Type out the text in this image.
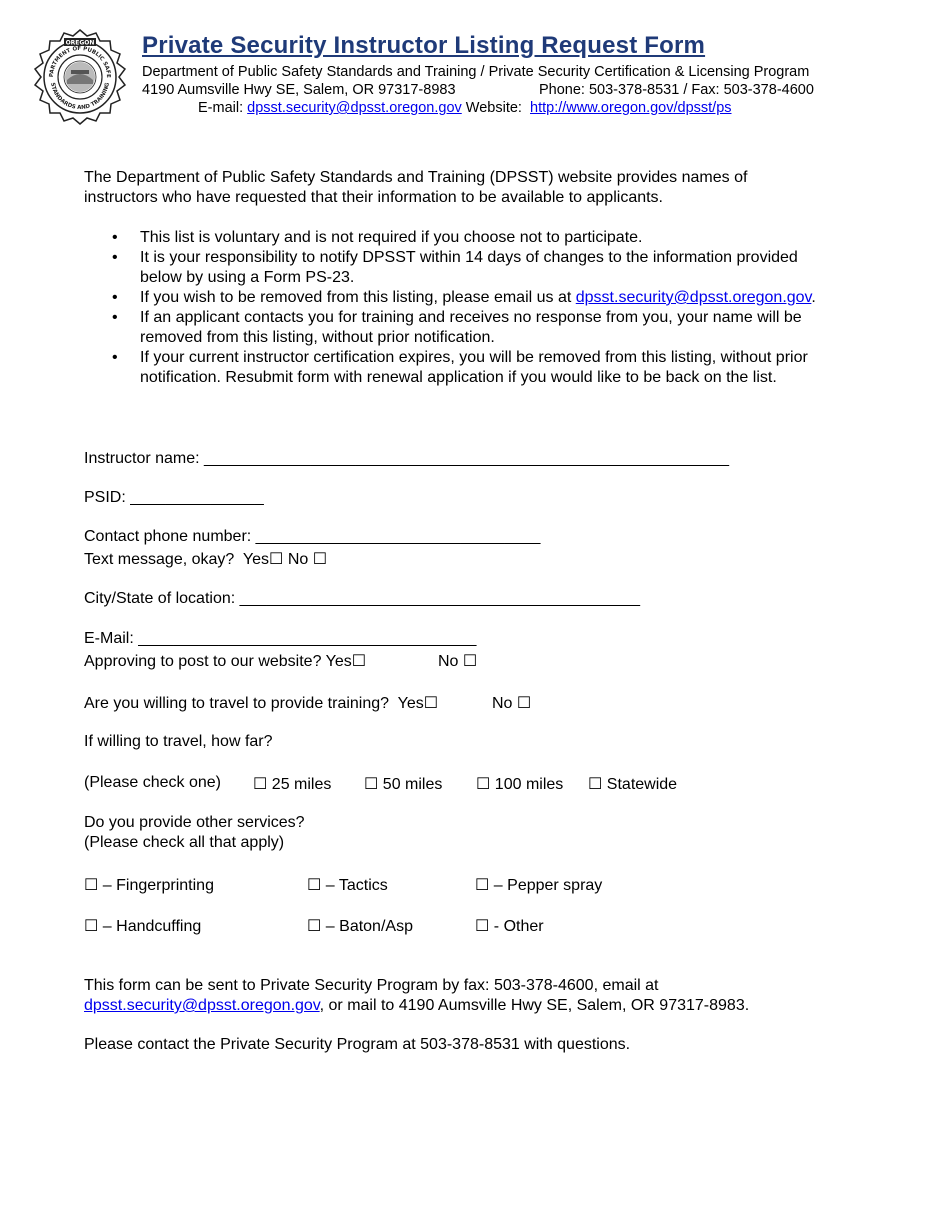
OREGON
PARTMENT OF PUBLIC SAFE
STANDARDS AND TRAINING
Private Security Instructor Listing Request Form
Department of Public Safety Standards and Training / Private Security Certification & Licensing Program
4190 Aumsville Hwy SE, Salem, OR 97317-8983	Phone: 503-378-8531 / Fax: 503-378-4600
E-mail: dpsst.security@dpsst.oregon.gov Website: http://www.oregon.gov/dpsst/ps
The Department of Public Safety Standards and Training (DPSST) website provides names of
instructors who have requested that their information to be available to applicants.
• This list is voluntary and is not required if you choose not to participate.
• It is your responsibility to notify DPSST within 14 days of changes to the information provided
below by using a Form PS-23.
• If you wish to be removed from this listing, please email us at dpsst.security@dpsst.oregon.gov.
• If an applicant contacts you for training and receives no response from you, your name will be
removed from this listing, without prior notification.
• If your current instructor certification expires, you will be removed from this listing, without prior
notification. Resubmit form with renewal application if you would like to be back on the list.
Instructor name: ___________________________________________________________
PSID: _______________
Contact phone number: ________________________________
Text message, okay? Yes☐ No ☐
City/State of location: _____________________________________________
E-Mail: ______________________________________
Approving to post to our website? Yes☐	No ☐
Are you willing to travel to provide training? Yes☐	No ☐
If willing to travel, how far?
(Please check one) ☐ 25 miles ☐ 50 miles ☐ 100 miles ☐ Statewide
Do you provide other services?
(Please check all that apply)
☐ – Fingerprinting	☐ – Tactics	☐ – Pepper spray
☐ – Handcuffing	☐ – Baton/Asp	☐ - Other
This form can be sent to Private Security Program by fax: 503-378-4600, email at
dpsst.security@dpsst.oregon.gov, or mail to 4190 Aumsville Hwy SE, Salem, OR 97317-8983.
Please contact the Private Security Program at 503-378-8531 with questions.
